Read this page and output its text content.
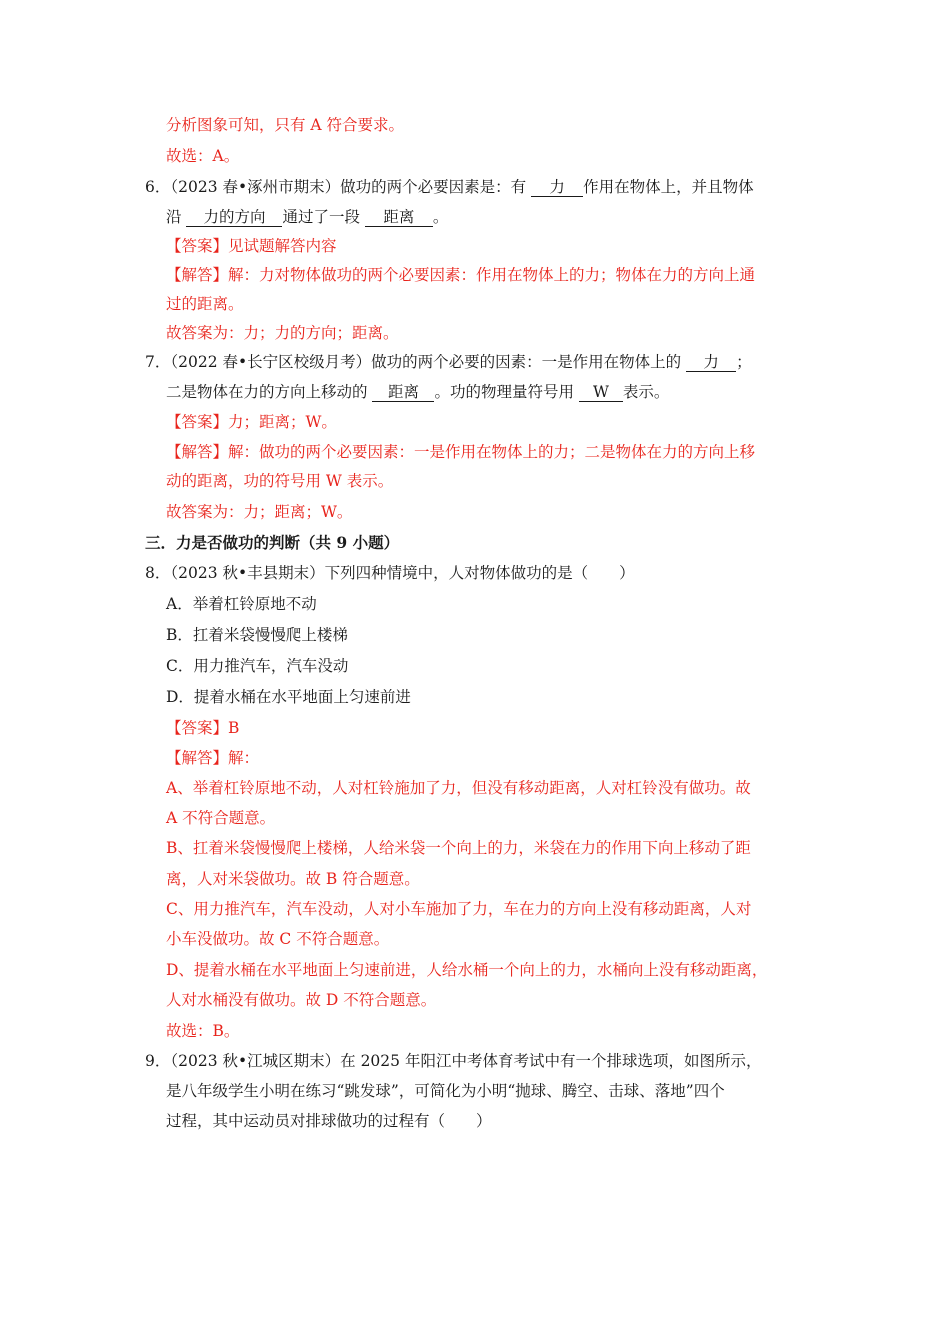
分析图象可知，只有 A 符合要求。
故选：A。
6．（2023 春•涿州市期末）做功的两个必要因素是：有 力 作用在物体上，并且物体
沿 力的方向 通过了一段 距离 。
【答案】见试题解答内容
【解答】解：力对物体做功的两个必要因素：作用在物体上的力；物体在力的方向上通
过的距离。
故答案为：力；力的方向；距离。
7．（2022 春•长宁区校级月考）做功的两个必要的因素：一是作用在物体上的 力 ；
二是物体在力的方向上移动的 距离 。功的物理量符号用 W 表示。
【答案】力；距离；W。
【解答】解：做功的两个必要因素：一是作用在物体上的力；二是物体在力的方向上移
动的距离，功的符号用 W 表示。
故答案为：力；距离；W。
三．力是否做功的判断（共 9 小题）
8．（2023 秋•丰县期末）下列四种情境中，人对物体做功的是（　　）
A．举着杠铃原地不动
B．扛着米袋慢慢爬上楼梯
C．用力推汽车，汽车没动
D．提着水桶在水平地面上匀速前进
【答案】B
【解答】解：
A、举着杠铃原地不动，人对杠铃施加了力，但没有移动距离，人对杠铃没有做功。故
A 不符合题意。
B、扛着米袋慢慢爬上楼梯，人给米袋一个向上的力，米袋在力的作用下向上移动了距
离，人对米袋做功。故 B 符合题意。
C、用力推汽车，汽车没动，人对小车施加了力，车在力的方向上没有移动距离，人对
小车没做功。故 C 不符合题意。
D、提着水桶在水平地面上匀速前进，人给水桶一个向上的力，水桶向上没有移动距离，
人对水桶没有做功。故 D 不符合题意。
故选：B。
9．（2023 秋•江城区期末）在 2025 年阳江中考体育考试中有一个排球选项，如图所示，
是八年级学生小明在练习“跳发球”，可简化为小明“抛球、腾空、击球、落地”四个
过程，其中运动员对排球做功的过程有（　　）
